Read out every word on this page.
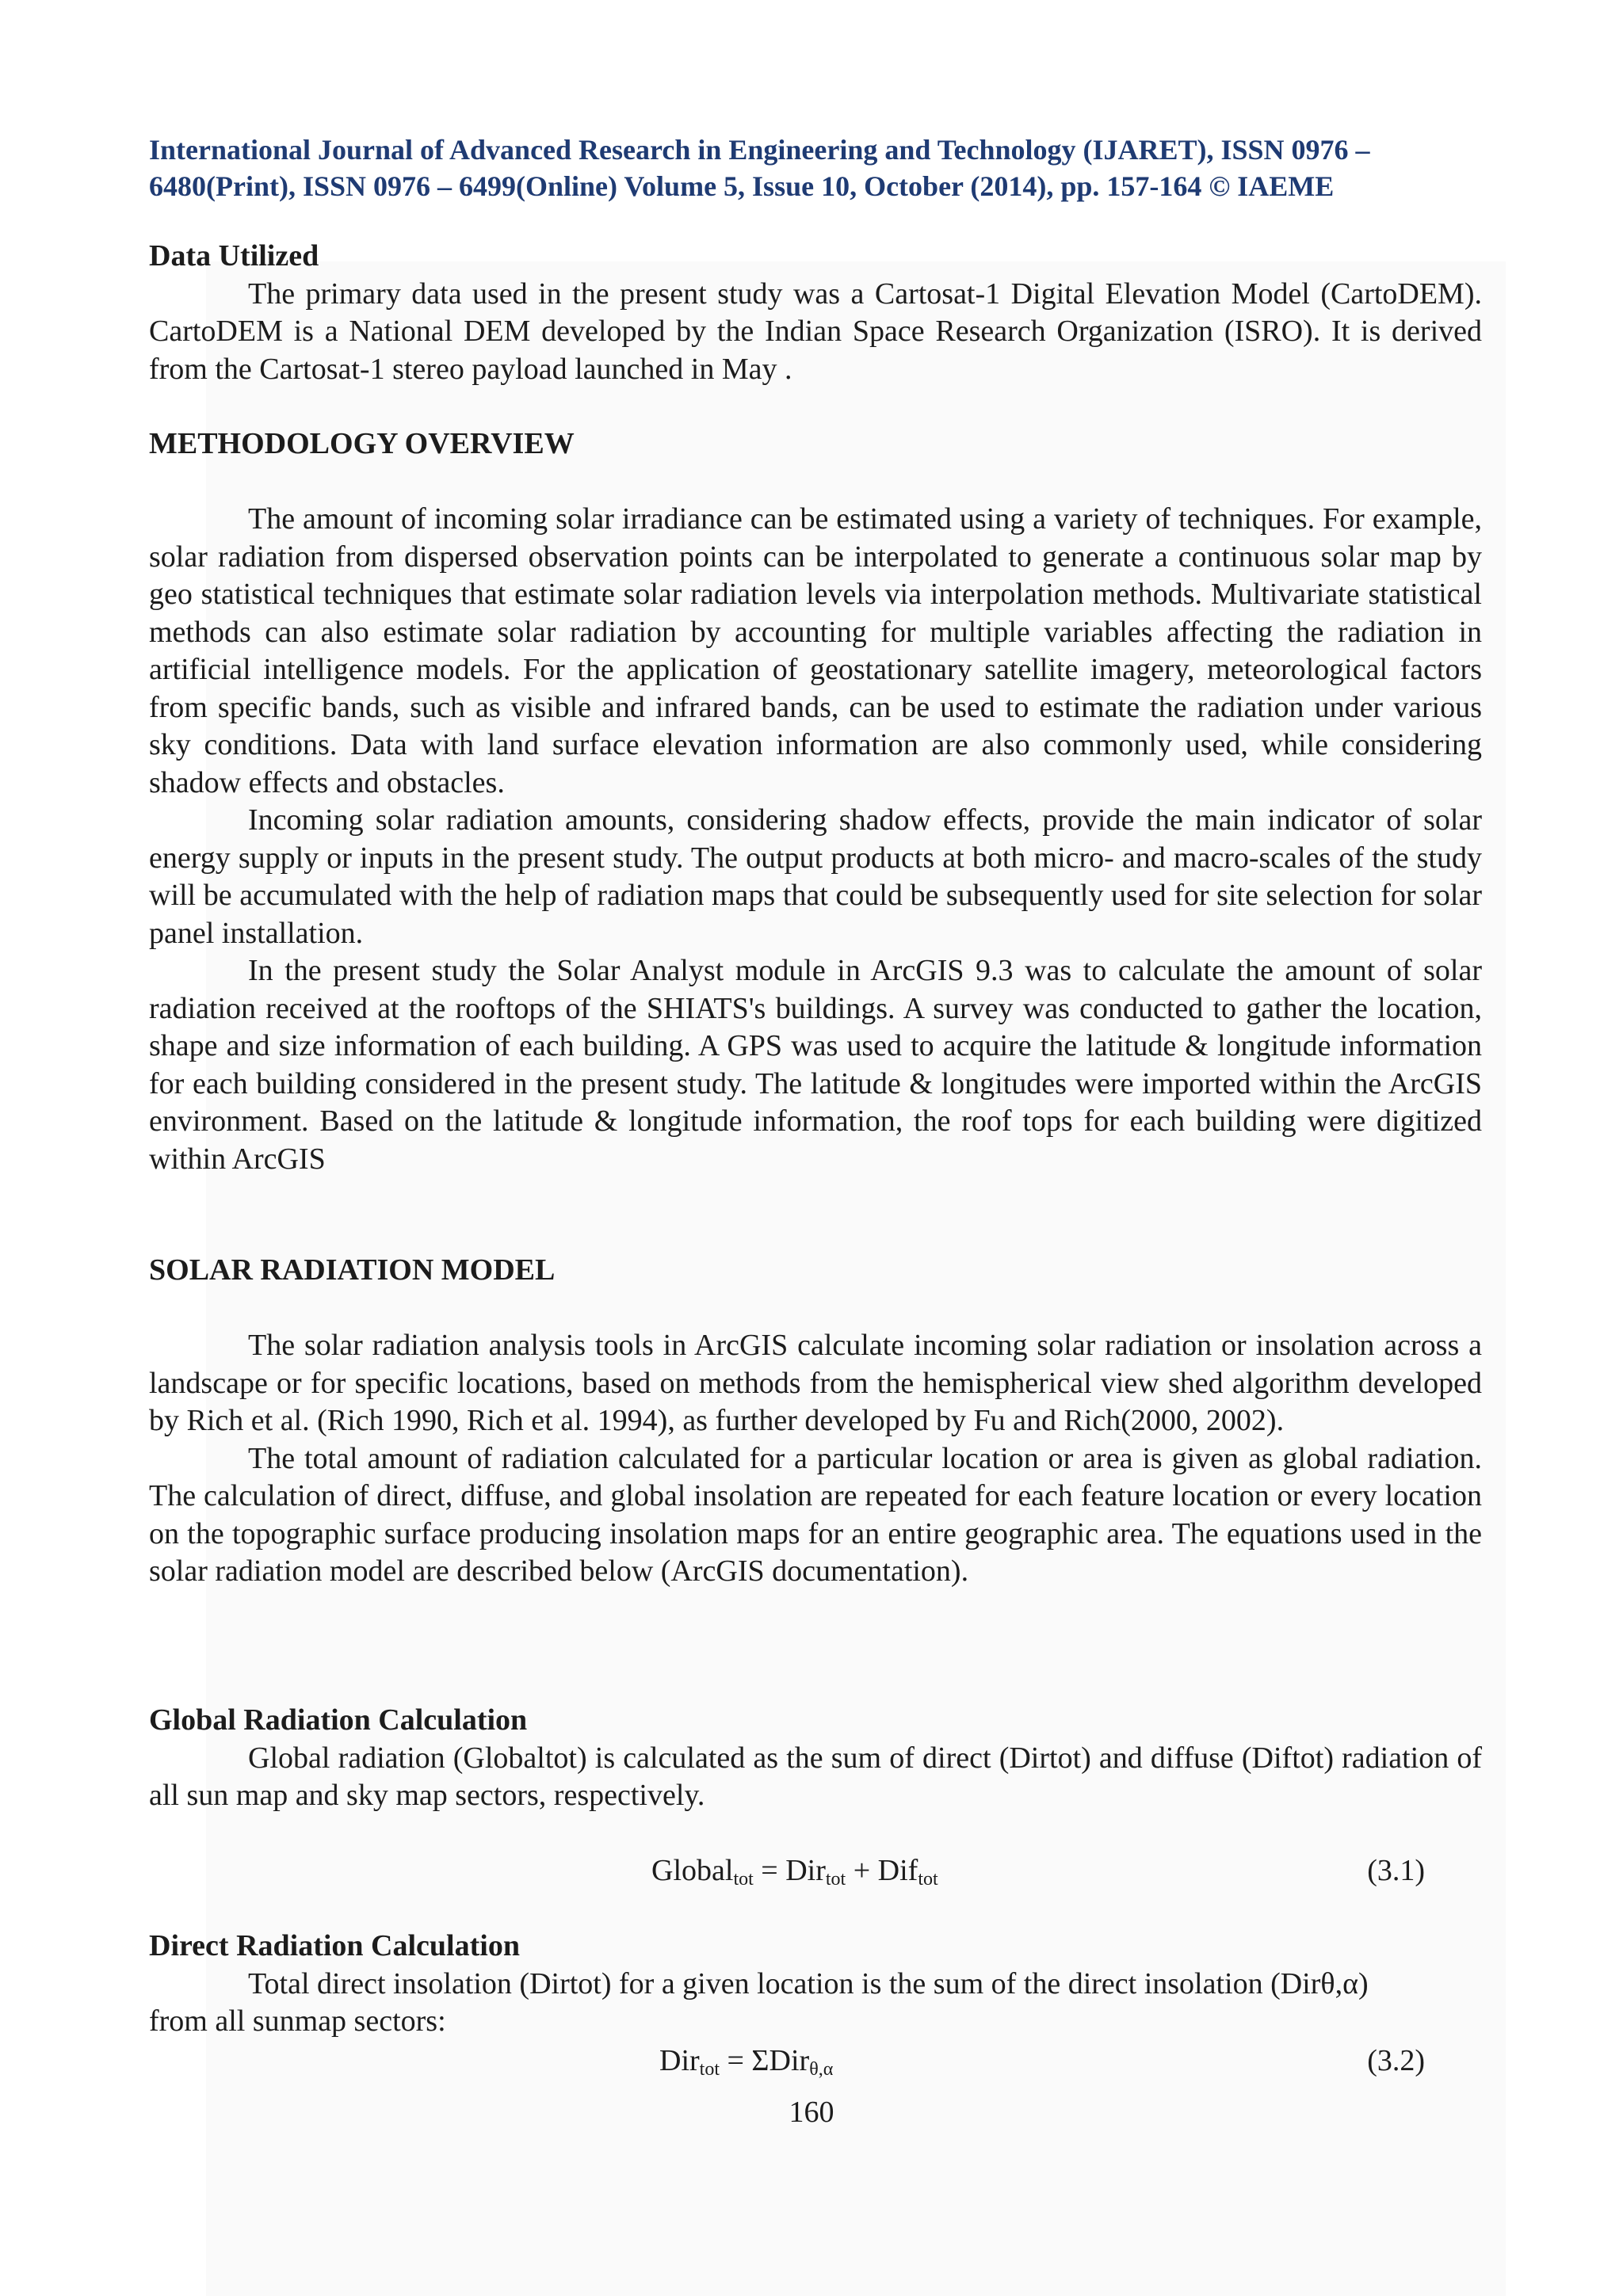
International Journal of Advanced Research in Engineering and Technology (IJARET), ISSN 0976 –
6480(Print), ISSN 0976 – 6499(Online) Volume 5, Issue 10, October (2014), pp. 157-164 © IAEME

Data Utilized

The primary data used in the present study was a Cartosat-1 Digital Elevation Model (CartoDEM). CartoDEM is a National DEM developed by the Indian Space Research Organization (ISRO). It is derived from the Cartosat-1 stereo payload launched in May .

METHODOLOGY OVERVIEW

The amount of incoming solar irradiance can be estimated using a variety of techniques. For example, solar radiation from dispersed observation points can be interpolated to generate a continuous solar map by geo statistical techniques that estimate solar radiation levels via interpolation methods. Multivariate statistical methods can also estimate solar radiation by accounting for multiple variables affecting the radiation in artificial intelligence models. For the application of geostationary satellite imagery, meteorological factors from specific bands, such as visible and infrared bands, can be used to estimate the radiation under various sky conditions. Data with land surface elevation information are also commonly used, while considering shadow effects and obstacles.

Incoming solar radiation amounts, considering shadow effects, provide the main indicator of solar energy supply or inputs in the present study. The output products at both micro- and macro-scales of the study will be accumulated with the help of radiation maps that could be subsequently used for site selection for solar panel installation.

In the present study the Solar Analyst module in ArcGIS 9.3 was to calculate the amount of solar radiation received at the rooftops of the SHIATS's buildings. A survey was conducted to gather the location, shape and size information of each building. A GPS was used to acquire the latitude & longitude information for each building considered in the present study. The latitude & longitudes were imported within the ArcGIS environment. Based on the latitude & longitude information, the roof tops for each building were digitized within ArcGIS

SOLAR RADIATION MODEL

The solar radiation analysis tools in ArcGIS calculate incoming solar radiation or insolation across a landscape or for specific locations, based on methods from the hemispherical view shed algorithm developed by Rich et al. (Rich 1990, Rich et al. 1994), as further developed by Fu and Rich(2000, 2002).

The total amount of radiation calculated for a particular location or area is given as global radiation. The calculation of direct, diffuse, and global insolation are repeated for each feature location or every location on the topographic surface producing insolation maps for an entire geographic area. The equations used in the solar radiation model are described below (ArcGIS documentation).

Global Radiation Calculation

Global radiation (Globaltot) is calculated as the sum of direct (Dirtot) and diffuse (Diftot) radiation of all sun map and sky map sectors, respectively.

Global$_{tot}$ = Dir$_{tot}$ + Dif$_{tot}$	(3.1)

Direct Radiation Calculation

Total direct insolation (Dirtot) for a given location is the sum of the direct insolation (Dirθ,α)

from all sunmap sectors:

Dir$_{tot}$ = ΣDir$_{\theta,\alpha}$	(3.2)
160
